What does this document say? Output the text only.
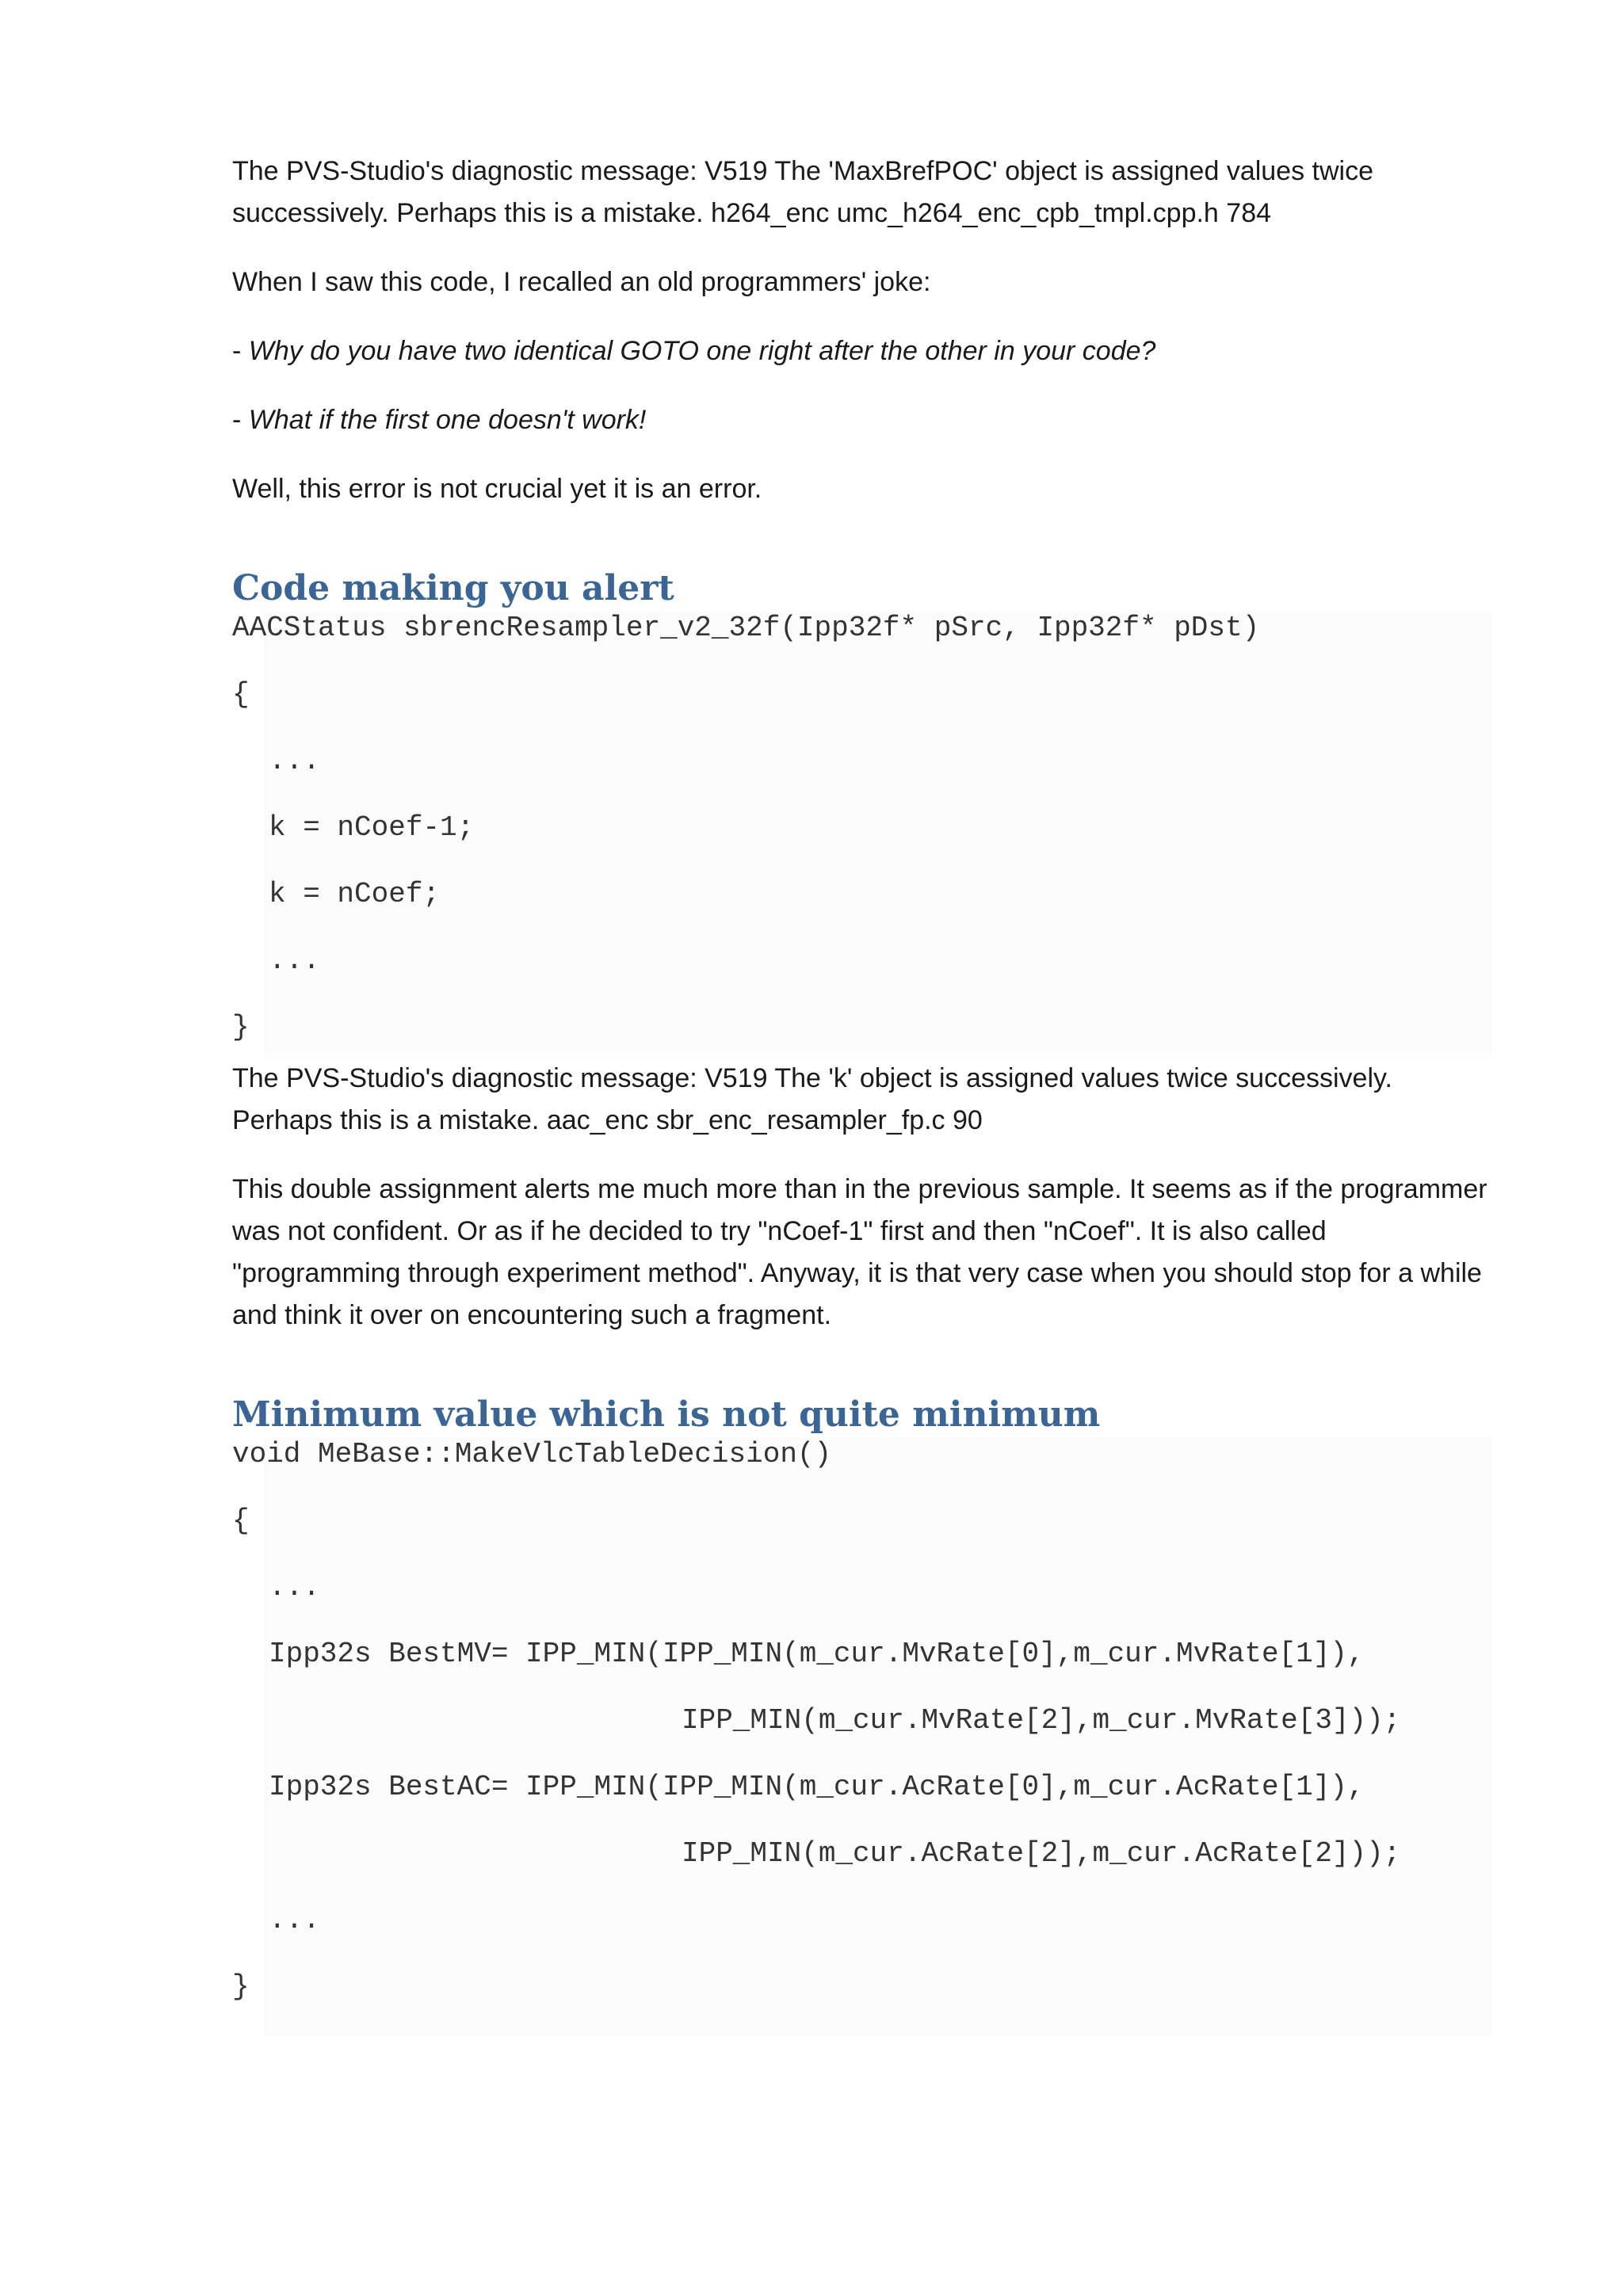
The PVS-Studio's diagnostic message: V519 The 'MaxBrefPOC' object is assigned values twice successively. Perhaps this is a mistake. h264_enc umc_h264_enc_cpb_tmpl.cpp.h 784

When I saw this code, I recalled an old programmers' joke:

- Why do you have two identical GOTO one right after the other in your code?

- What if the first one doesn't work!

Well, this error is not crucial yet it is an error.

Code making you alert
AACStatus sbrencResampler_v2_32f(Ipp32f* pSrc, Ipp32f* pDst)
{
...
k = nCoef-1;
k = nCoef;
...
}

The PVS-Studio's diagnostic message: V519 The 'k' object is assigned values twice successively. Perhaps this is a mistake. aac_enc sbr_enc_resampler_fp.c 90

This double assignment alerts me much more than in the previous sample. It seems as if the programmer was not confident. Or as if he decided to try "nCoef-1" first and then "nCoef". It is also called "programming through experiment method". Anyway, it is that very case when you should stop for a while and think it over on encountering such a fragment.

Minimum value which is not quite minimum
void MeBase::MakeVlcTableDecision()
{
...
Ipp32s BestMV= IPP_MIN(IPP_MIN(m_cur.MvRate[0],m_cur.MvRate[1]),
IPP_MIN(m_cur.MvRate[2],m_cur.MvRate[3]));
Ipp32s BestAC= IPP_MIN(IPP_MIN(m_cur.AcRate[0],m_cur.AcRate[1]),
IPP_MIN(m_cur.AcRate[2],m_cur.AcRate[2]));
...
}
